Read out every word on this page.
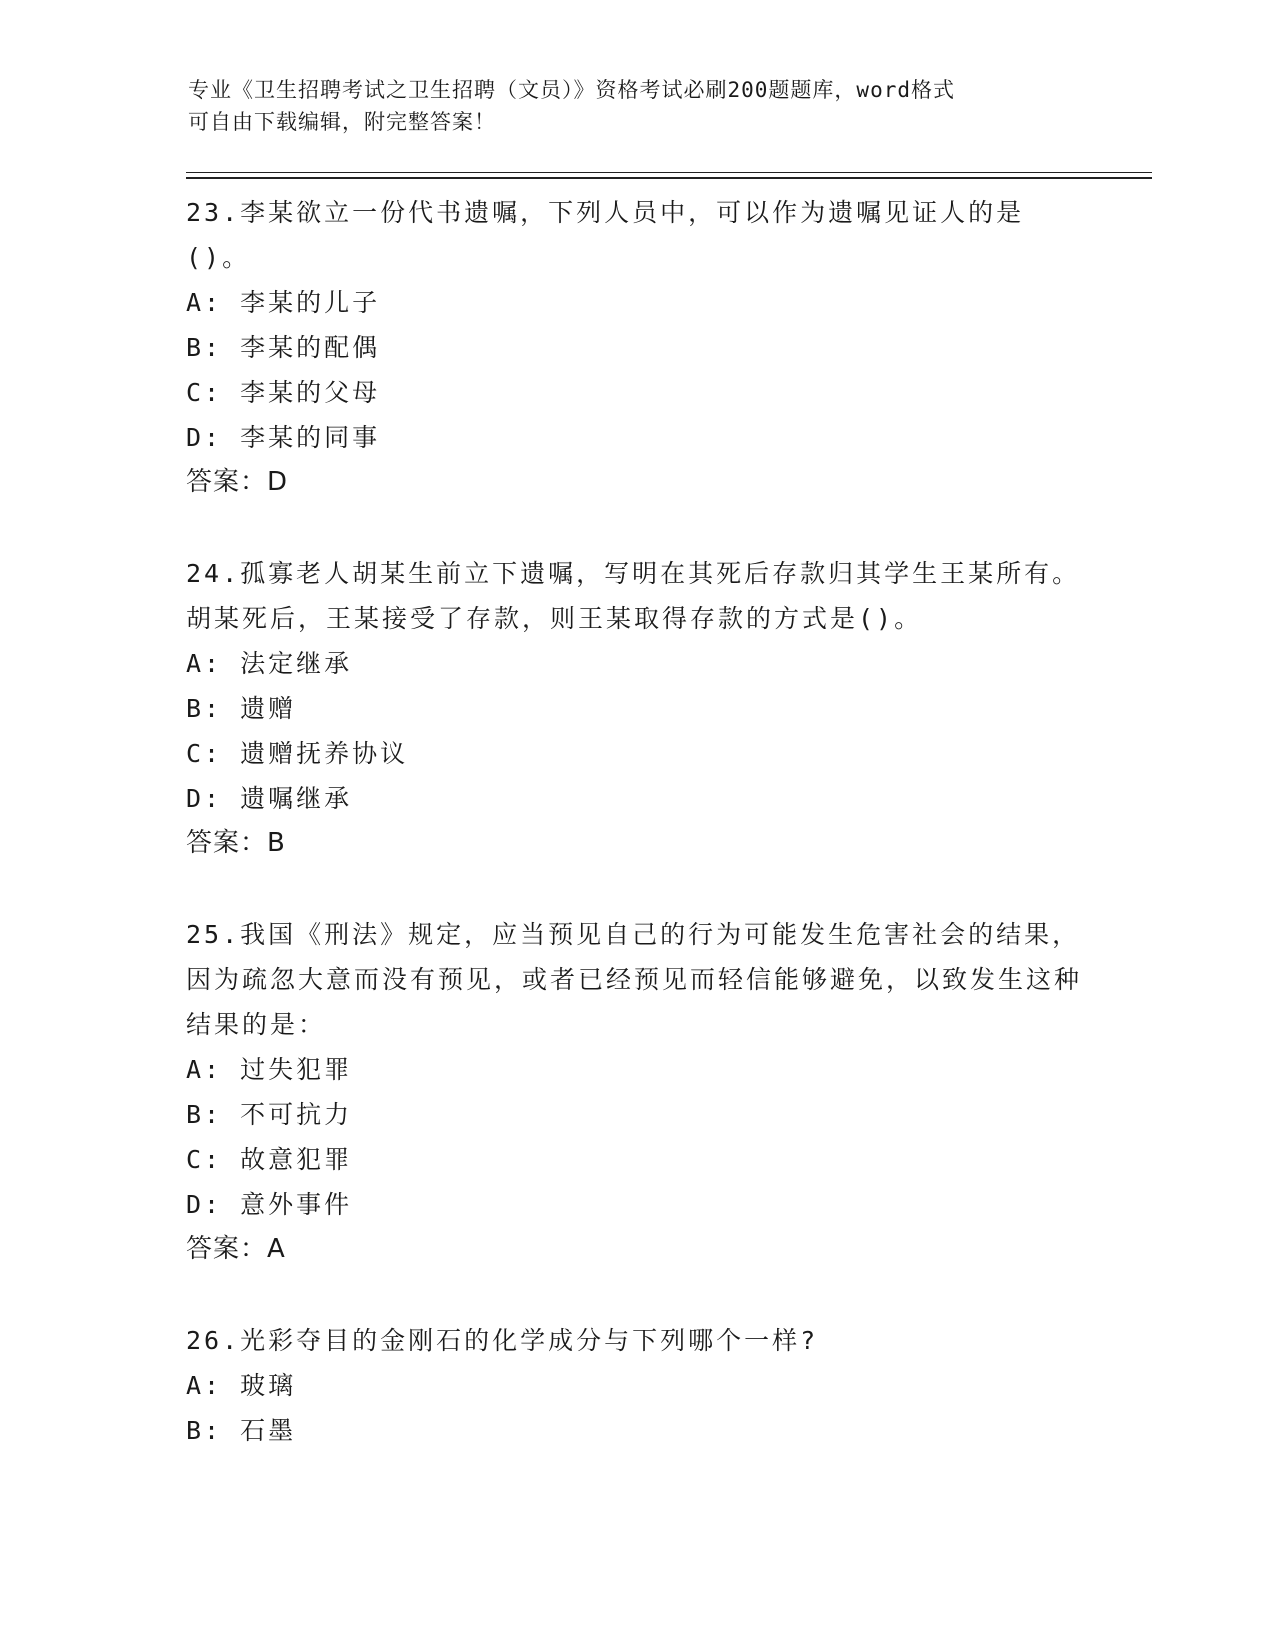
专业《卫生招聘考试之卫生招聘（文员）》资格考试必刷200题题库，word格式
可自由下载编辑，附完整答案！

23.李某欲立一份代书遗嘱，下列人员中，可以作为遗嘱见证人的是()。

A: 李某的儿子

B: 李某的配偶

C: 李某的父母

D: 李某的同事

答案：D

24.孤寡老人胡某生前立下遗嘱，写明在其死后存款归其学生王某所有。胡某死后，王某接受了存款，则王某取得存款的方式是()。

A: 法定继承

B: 遗赠

C: 遗赠抚养协议

D: 遗嘱继承

答案：B

25.我国《刑法》规定，应当预见自己的行为可能发生危害社会的结果，因为疏忽大意而没有预见，或者已经预见而轻信能够避免，以致发生这种结果的是：

A: 过失犯罪

B: 不可抗力

C: 故意犯罪

D: 意外事件

答案：A

26.光彩夺目的金刚石的化学成分与下列哪个一样?

A: 玻璃

B: 石墨
